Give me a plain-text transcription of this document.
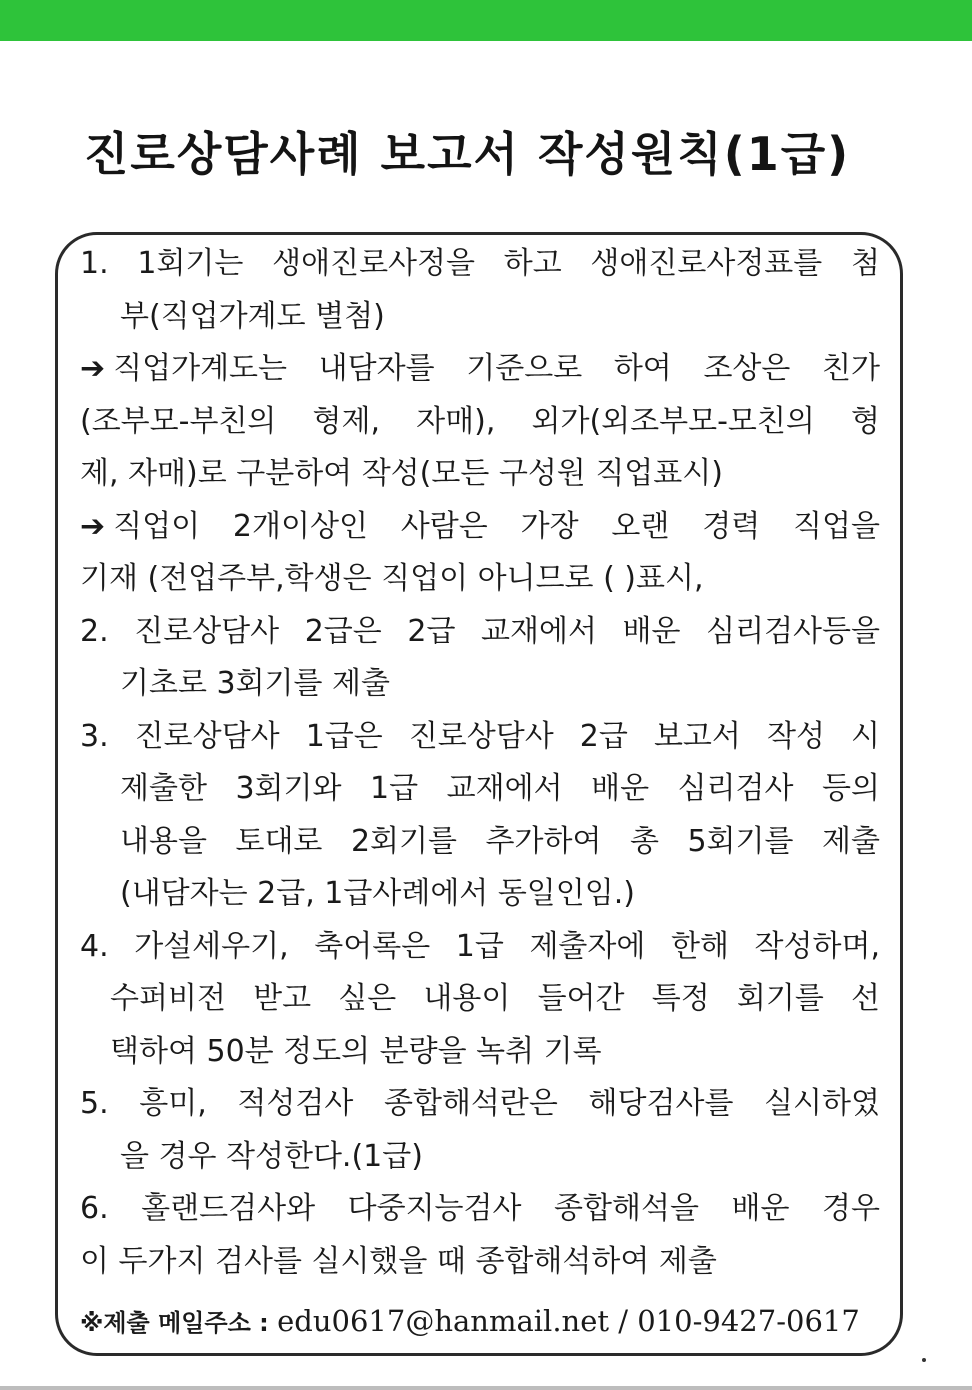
진로상담사례 보고서 작성원칙(1급)
1. 1회기는 생애진로사정을 하고 생애진로사정표를 첨
부(직업가계도 별첨)
➔ 직업가계도는 내담자를 기준으로 하여 조상은 친가
(조부모-부친의 형제, 자매), 외가(외조부모-모친의 형
제, 자매)로 구분하여 작성(모든 구성원 직업표시)
➔ 직업이 2개이상인 사람은 가장 오랜 경력 직업을
기재 (전업주부,학생은 직업이 아니므로 ( )표시,
2. 진로상담사 2급은 2급 교재에서 배운 심리검사등을
기초로 3회기를 제출
3. 진로상담사 1급은 진로상담사 2급 보고서 작성 시
제출한 3회기와 1급 교재에서 배운 심리검사 등의
내용을 토대로 2회기를 추가하여 총 5회기를 제출
(내담자는 2급, 1급사례에서 동일인임.)
4. 가설세우기, 축어록은 1급 제출자에 한해 작성하며,
수퍼비전 받고 싶은 내용이 들어간 특정 회기를 선
택하여 50분 정도의 분량을 녹취 기록
5. 흥미, 적성검사 종합해석란은 해당검사를 실시하였
을 경우 작성한다.(1급)
6. 홀랜드검사와 다중지능검사 종합해석을 배운 경우
이 두가지 검사를 실시했을 때 종합해석하여 제출
※제출 메일주소 : edu0617@hanmail.net / 010-9427-0617
